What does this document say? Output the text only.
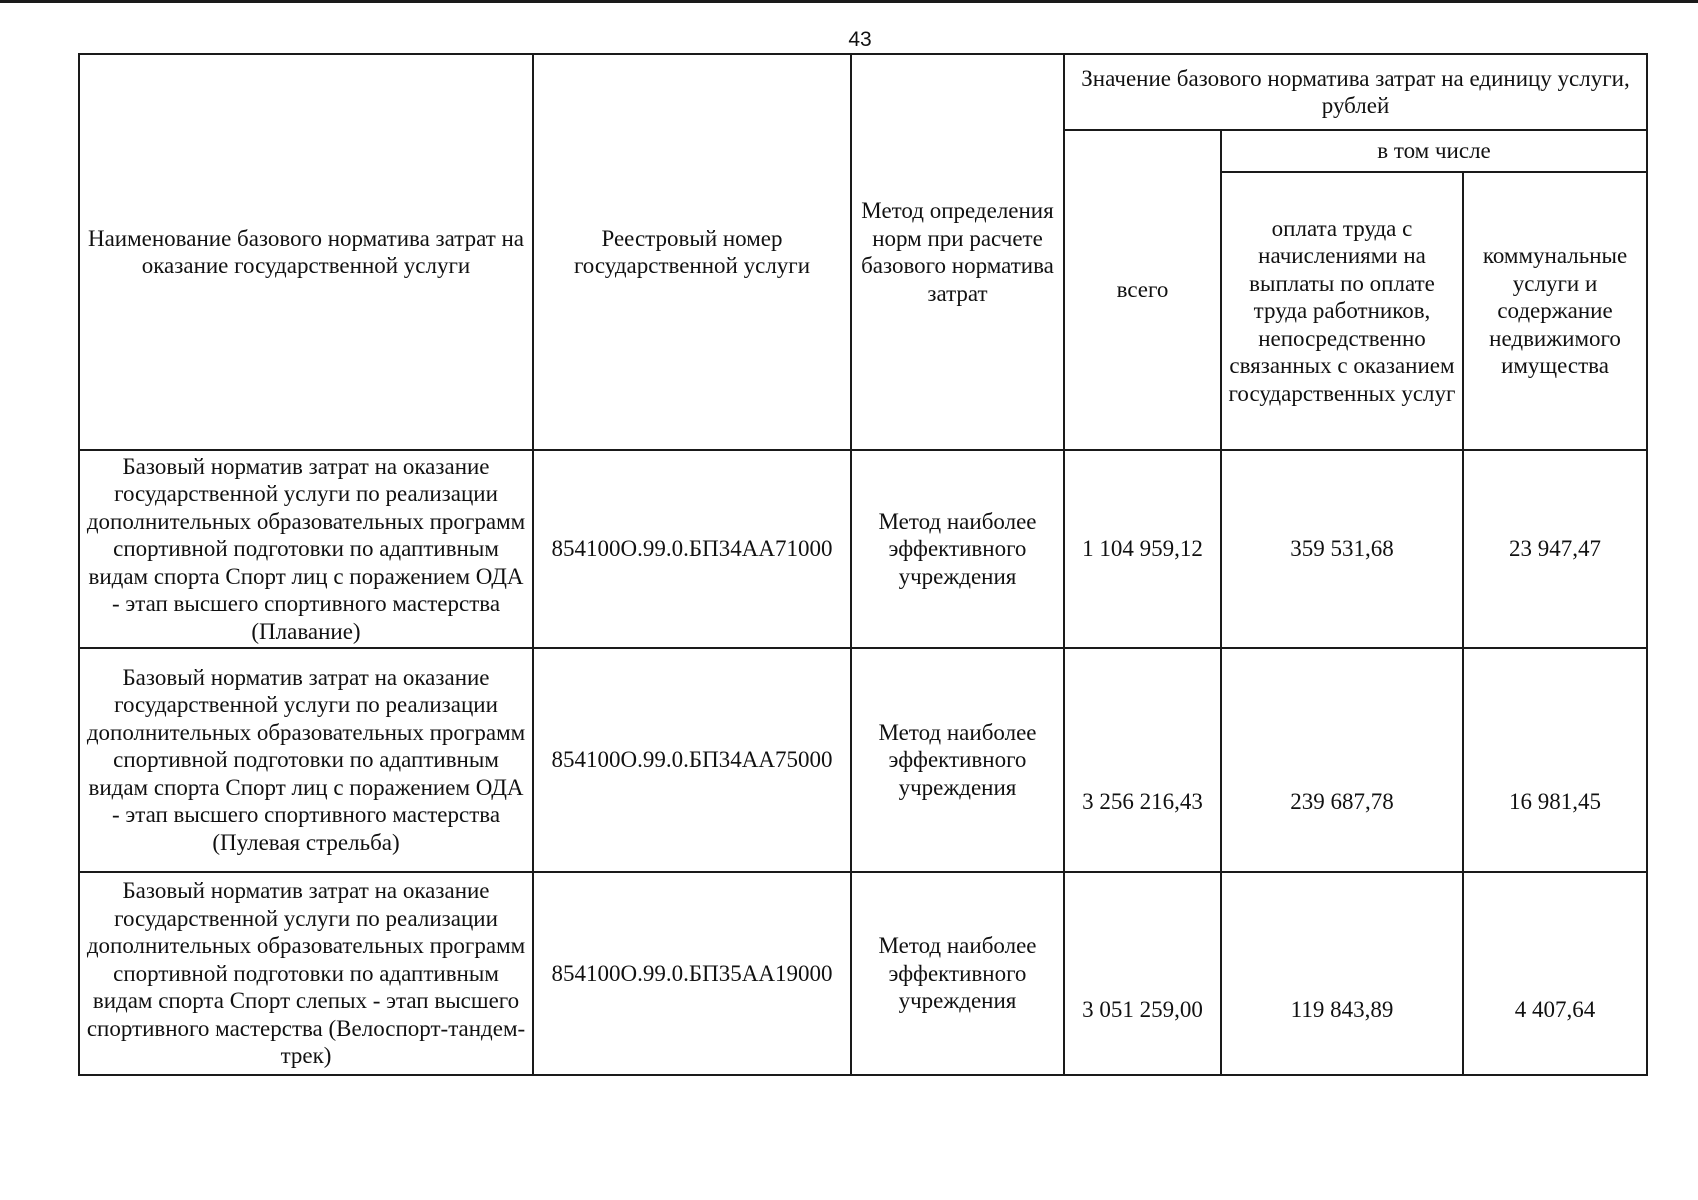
43
Наименование базового норматива затрат на оказание государственной услуги	Реестровый номер государственной услуги	Метод определения норм при расчете базового норматива затрат	Значение базового норматива затрат на единицу услуги, рублей		
			всего	в том числе	
				оплата труда с начислениями на выплаты по оплате труда работников, непосредственно связанных с оказанием государственных услуг	коммунальные услуги и содержание недвижимого имущества
Базовый норматив затрат на оказание государственной услуги по реализации дополнительных образовательных программ спортивной подготовки по адаптивным видам спорта Спорт лиц с поражением ОДА - этап высшего спортивного мастерства (Плавание)	854100О.99.0.БП34АА71000	Метод наиболее эффективного учреждения	1 104 959,12	359 531,68	23 947,47
Базовый норматив затрат на оказание государственной услуги по реализации дополнительных образовательных программ спортивной подготовки по адаптивным видам спорта Спорт лиц с поражением ОДА - этап высшего спортивного мастерства (Пулевая стрельба)	854100О.99.0.БП34АА75000	Метод наиболее эффективного учреждения	3 256 216,43	239 687,78	16 981,45
Базовый норматив затрат на оказание государственной услуги по реализации дополнительных образовательных программ спортивной подготовки по адаптивным видам спорта Спорт слепых - этап высшего спортивного мастерства (Велоспорт-тандем-трек)	854100О.99.0.БП35АА19000	Метод наиболее эффективного учреждения	3 051 259,00	119 843,89	4 407,64
